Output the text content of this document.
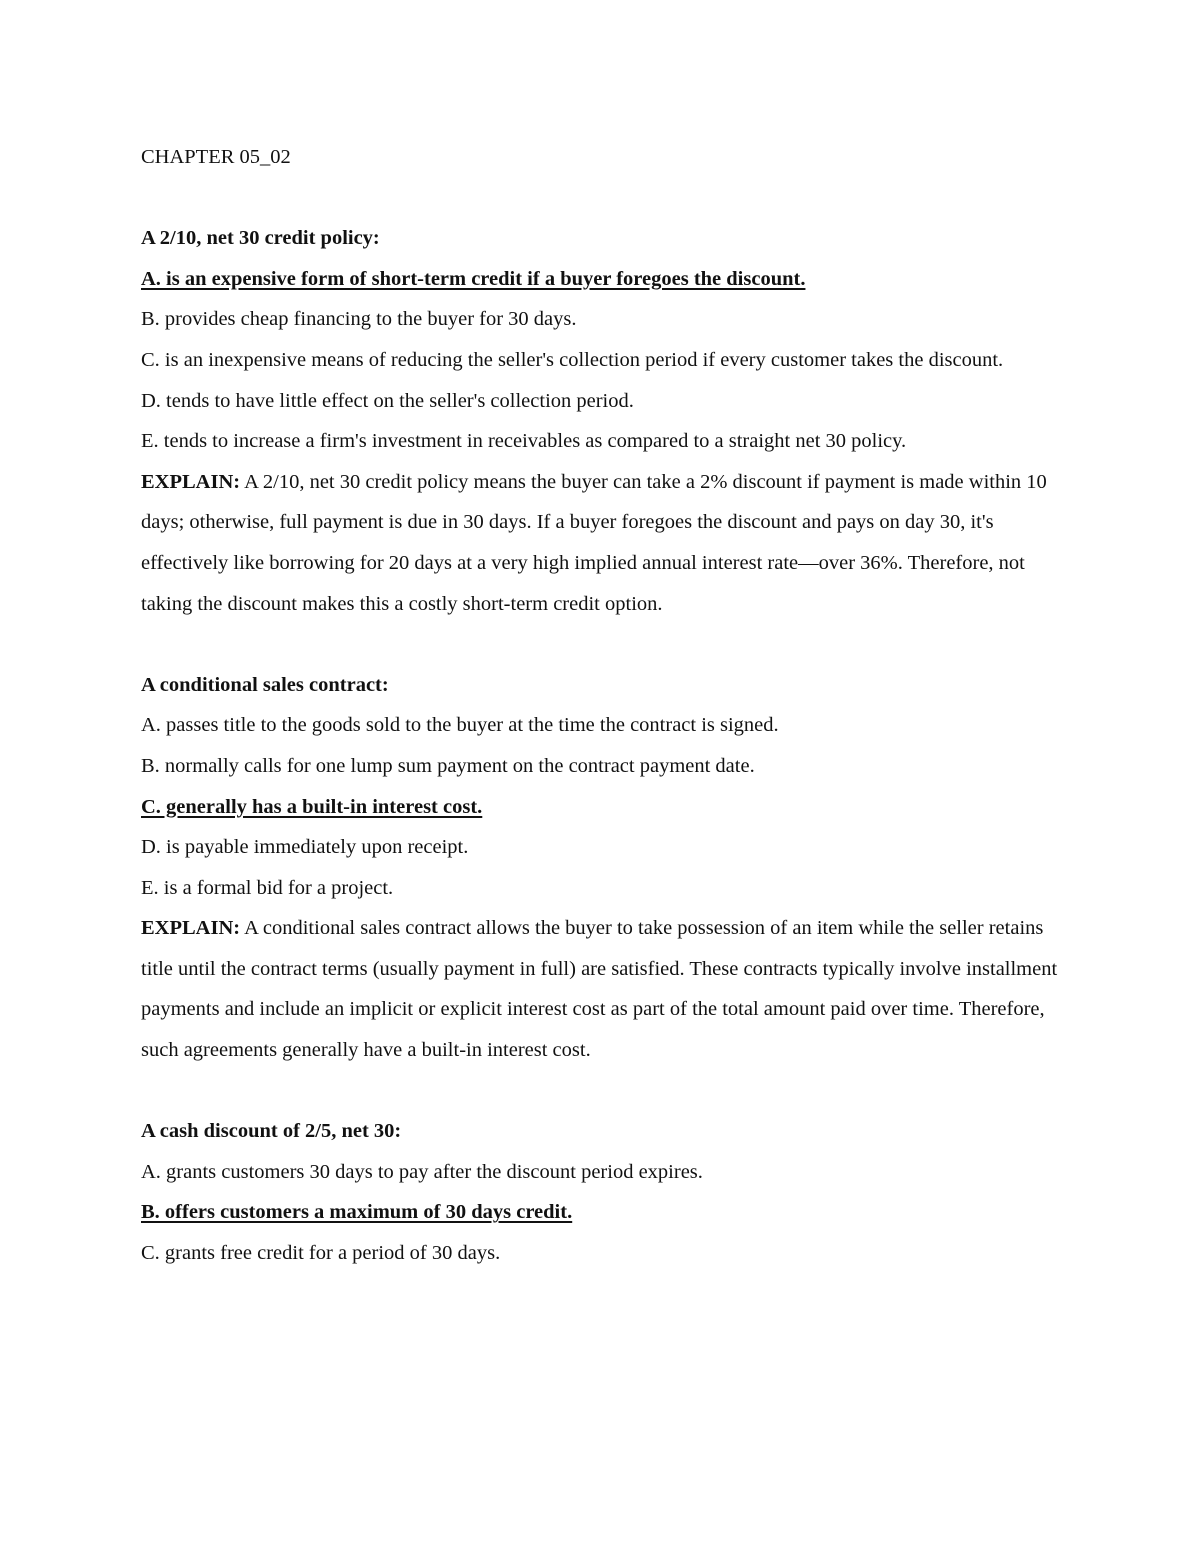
CHAPTER 05_02
A 2/10, net 30 credit policy:
A. is an expensive form of short-term credit if a buyer foregoes the discount.
B. provides cheap financing to the buyer for 30 days.
C. is an inexpensive means of reducing the seller's collection period if every customer takes the discount.
D. tends to have little effect on the seller's collection period.
E. tends to increase a firm's investment in receivables as compared to a straight net 30 policy.
EXPLAIN: A 2/10, net 30 credit policy means the buyer can take a 2% discount if payment is made within 10 days; otherwise, full payment is due in 30 days. If a buyer foregoes the discount and pays on day 30, it's effectively like borrowing for 20 days at a very high implied annual interest rate—over 36%. Therefore, not taking the discount makes this a costly short-term credit option.
A conditional sales contract:
A. passes title to the goods sold to the buyer at the time the contract is signed.
B. normally calls for one lump sum payment on the contract payment date.
C. generally has a built-in interest cost.
D. is payable immediately upon receipt.
E. is a formal bid for a project.
EXPLAIN: A conditional sales contract allows the buyer to take possession of an item while the seller retains title until the contract terms (usually payment in full) are satisfied. These contracts typically involve installment payments and include an implicit or explicit interest cost as part of the total amount paid over time. Therefore, such agreements generally have a built-in interest cost.
A cash discount of 2/5, net 30:
A. grants customers 30 days to pay after the discount period expires.
B. offers customers a maximum of 30 days credit.
C. grants free credit for a period of 30 days.
